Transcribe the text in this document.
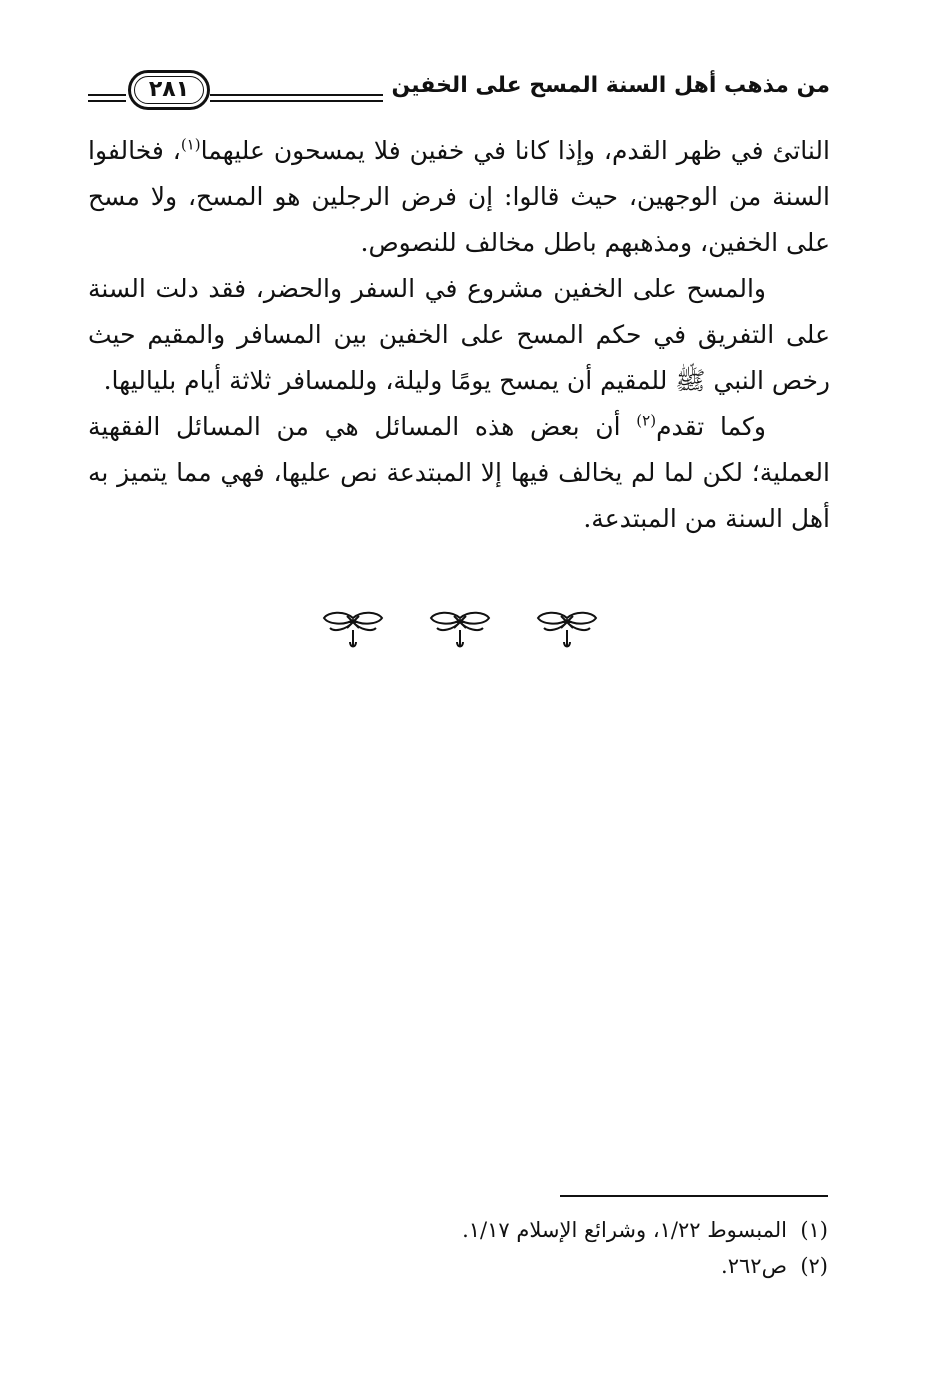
من مذهب أهل السنة المسح على الخفين
٢٨١

الناتئ في ظهر القدم، وإذا كانا في خفين فلا يمسحون عليهما$^{(١)}$، فخالفوا السنة من الوجهين، حيث قالوا: إن فرض الرجلين هو المسح، ولا مسح على الخفين، ومذهبهم باطل مخالف للنصوص.

والمسح على الخفين مشروع في السفر والحضر، فقد دلت السنة على التفريق في حكم المسح على الخفين بين المسافر والمقيم حيث رخص النبي ﷺ للمقيم أن يمسح يومًا وليلة، وللمسافر ثلاثة أيام بلياليها.

وكما تقدم$^{(٢)}$ أن بعض هذه المسائل هي من المسائل الفقهية العملية؛ لكن لما لم يخالف فيها إلا المبتدعة نص عليها، فهي مما يتميز به أهل السنة من المبتدعة.

(١)  المبسوط ١/٢٢، وشرائع الإسلام ١/١٧.

(٢)  ص٢٦٢.
